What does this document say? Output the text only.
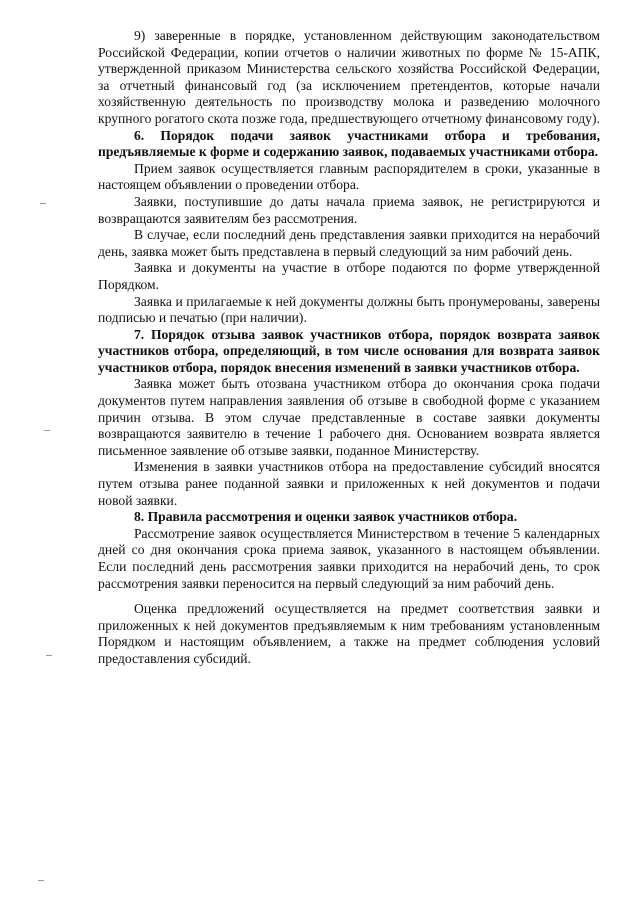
9) заверенные в порядке, установленном действующим законодательством Российской Федерации, копии отчетов о наличии животных по форме № 15-АПК, утвержденной приказом Министерства сельского хозяйства Российской Федерации, за отчетный финансовый год (за исключением претендентов, которые начали хозяйственную деятельность по производству молока и разведению молочного крупного рогатого скота позже года, предшествующего отчетному финансовому году).

6. Порядок подачи заявок участниками отбора и требования, предъявляемые к форме и содержанию заявок, подаваемых участниками отбора.

Прием заявок осуществляется главным распорядителем в сроки, указанные в настоящем объявлении о проведении отбора.

Заявки, поступившие до даты начала приема заявок, не регистрируются и возвращаются заявителям без рассмотрения.

В случае, если последний день представления заявки приходится на нерабочий день, заявка может быть представлена в первый следующий за ним рабочий день.

Заявка и документы на участие в отборе подаются по форме утвержденной Порядком.

Заявка и прилагаемые к ней документы должны быть пронумерованы, заверены подписью и печатью (при наличии).

7. Порядок отзыва заявок участников отбора, порядок возврата заявок участников отбора, определяющий, в том числе основания для возврата заявок участников отбора, порядок внесения изменений в заявки участников отбора.

Заявка может быть отозвана участником отбора до окончания срока подачи документов путем направления заявления об отзыве в свободной форме с указанием причин отзыва. В этом случае представленные в составе заявки документы возвращаются заявителю в течение 1 рабочего дня. Основанием возврата является письменное заявление об отзыве заявки, поданное Министерству.

Изменения в заявки участников отбора на предоставление субсидий вносятся путем отзыва ранее поданной заявки и приложенных к ней документов и подачи новой заявки.

8. Правила рассмотрения и оценки заявок участников отбора.

Рассмотрение заявок осуществляется Министерством в течение 5 календарных дней со дня окончания срока приема заявок, указанного в настоящем объявлении. Если последний день рассмотрения заявки приходится на нерабочий день, то срок рассмотрения заявки переносится на первый следующий за ним рабочий день.

Оценка предложений осуществляется на предмет соответствия заявки и приложенных к ней документов предъявляемым к ним требованиям установленным Порядком и настоящим объявлением, а также на предмет соблюдения условий предоставления субсидий.
